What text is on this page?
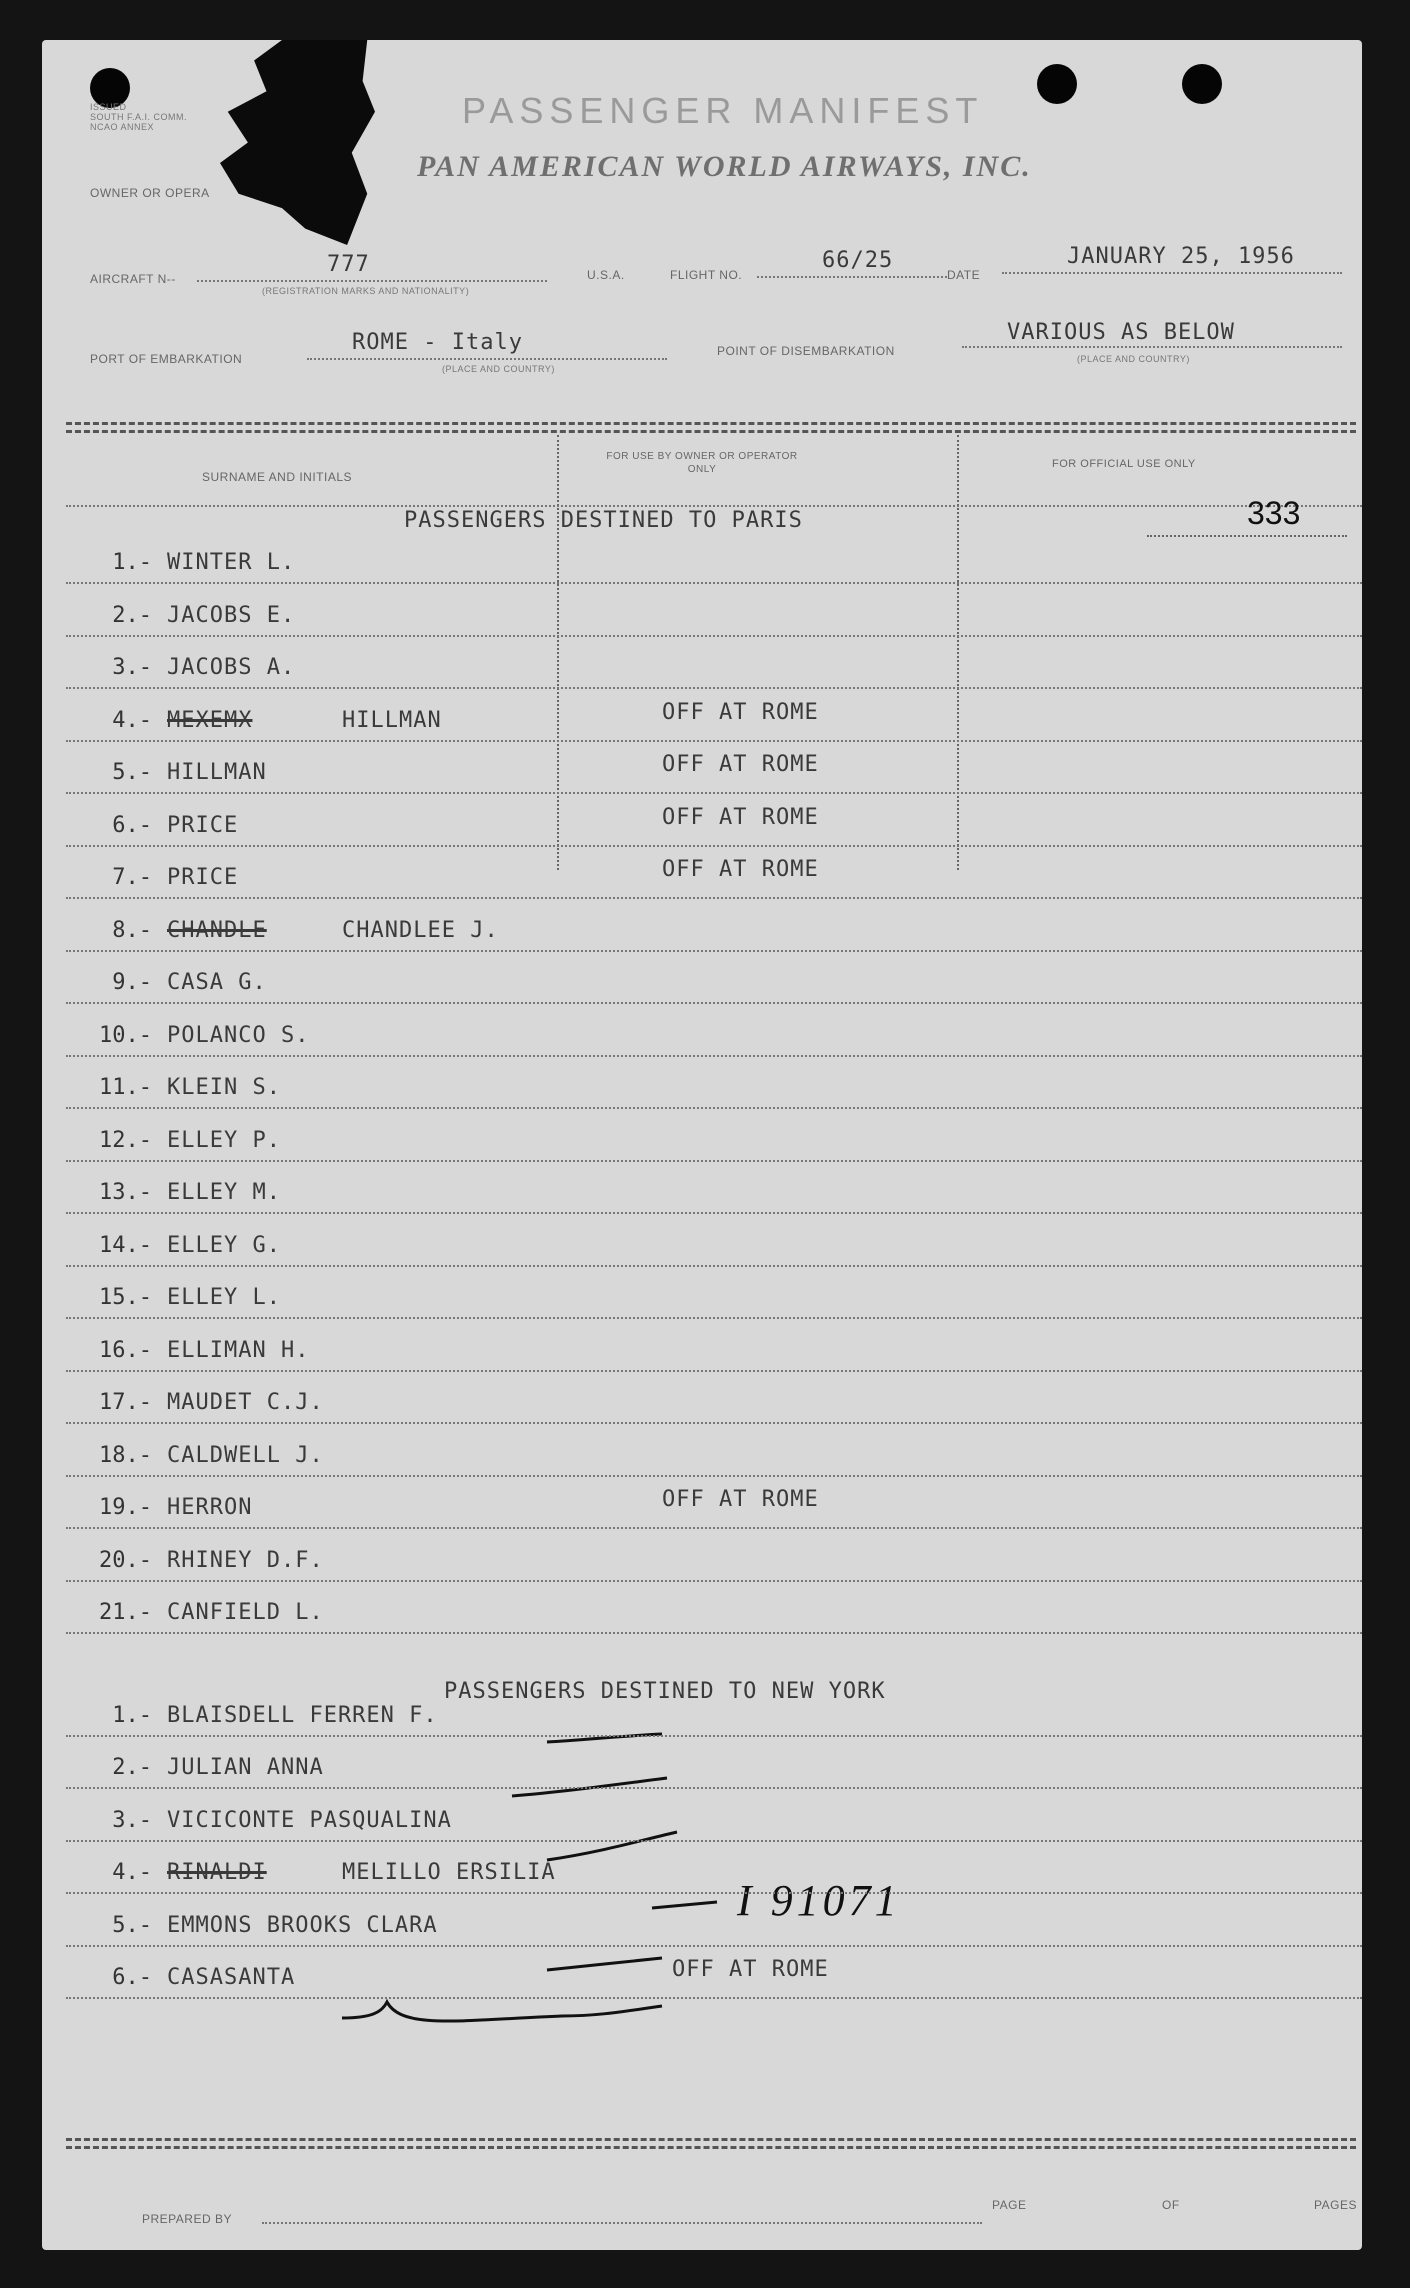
ISSUED
SOUTH F.A.I. COMM.
NCAO ANNEX	PASSENGER MANIFEST
OWNER OR OPERA
PAN AMERICAN WORLD AIRWAYS, INC.
AIRCRAFT N--
777
(REGISTRATION MARKS AND NATIONALITY)
U.S.A.	FLIGHT NO.
66/25
DATE
JANUARY 25, 1956
PORT OF EMBARKATION
ROME - Italy
(PLACE AND COUNTRY)
POINT OF DISEMBARKATION
VARIOUS AS BELOW
(PLACE AND COUNTRY)
SURNAME AND INITIALS
FOR USE BY OWNER OR OPERATOR ONLY	FOR OFFICIAL USE ONLY
333
I 91071
PREPARED BY
PAGE	OF	PAGES
PASSENGERS DESTINED TO PARIS
1.- WINTER L.
2.- JACOBS E.
3.- JACOBS A.
4.- MEXEMX	HILLMAN	OFF AT ROME
5.- HILLMAN	OFF AT ROME
6.- PRICE	OFF AT ROME
7.- PRICE	OFF AT ROME
8.- CHANDLE	CHANDLEE J.
9.- CASA G.
10.- POLANCO S.
11.- KLEIN S.
12.- ELLEY P.
13.- ELLEY M.
14.- ELLEY G.
15.- ELLEY L.
16.- ELLIMAN H.
17.- MAUDET C.J.
18.- CALDWELL J.
19.- HERRON	OFF AT ROME
20.- RHINEY D.F.
21.- CANFIELD L.
PASSENGERS DESTINED TO NEW YORK
1.- BLAISDELL FERREN F.
2.- JULIAN ANNA
3.- VICICONTE PASQUALINA
4.- RINALDI	MELILLO ERSILIA
5.- EMMONS BROOKS CLARA
6.- CASASANTA	OFF AT ROME
